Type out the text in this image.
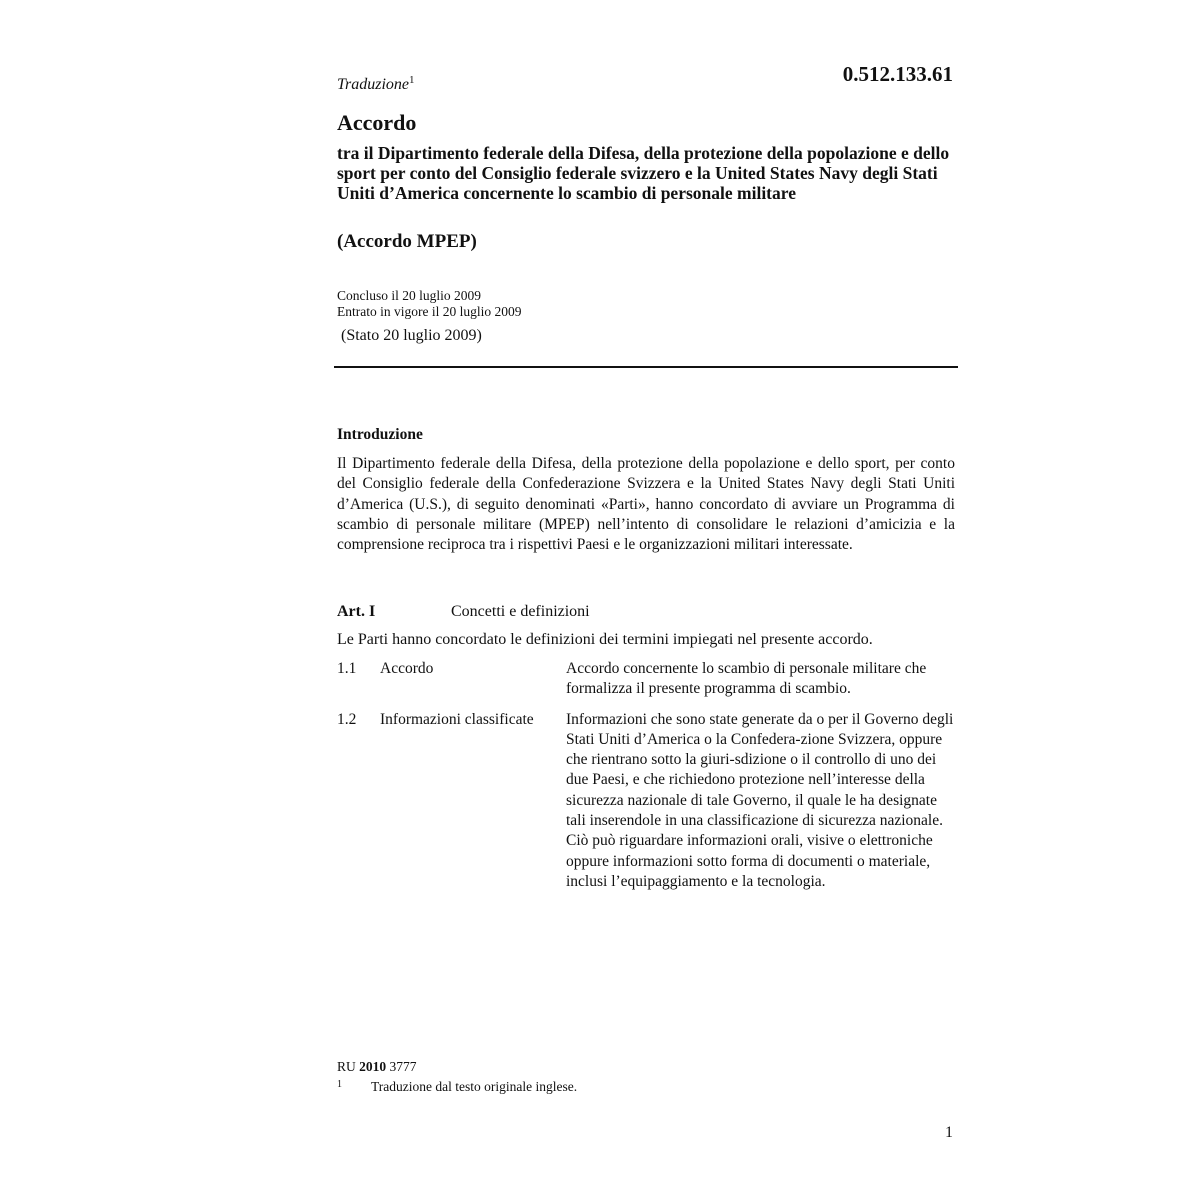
Traduzione$^1$	0.512.133.61

Accordo
tra il Dipartimento federale della Difesa, della protezione della popolazione e dello sport per conto del Consiglio federale svizzero e la United States Navy degli Stati Uniti d’America concernente lo scambio di personale militare
(Accordo MPEP)
Concluso il 20 luglio 2009
Entrato in vigore il 20 luglio 2009

(Stato 20 luglio 2009)

Introduzione

Il Dipartimento federale della Difesa, della protezione della popolazione e dello sport, per conto del Consiglio federale della Confederazione Svizzera e la United States Navy degli Stati Uniti d’America (U.S.), di seguito denominati «Parti», hanno concordato di avviare un Programma di scambio di personale militare (MPEP) nell’intento di consolidare le relazioni d’amicizia e la comprensione reciproca tra i rispettivi Paesi e le organizzazioni militari interessate.

Art. I	Concetti e definizioni

Le Parti hanno concordato le definizioni dei termini impiegati nel presente accordo.

1.1	Accordo	Accordo concernente lo scambio di personale militare che formalizza il presente programma di scambio.
1.2	Informazioni classificate	Informazioni che sono state generate da o per il Governo degli Stati Uniti d’America o la Confedera-zione Svizzera, oppure che rientrano sotto la giuri-sdizione o il controllo di uno dei due Paesi, e che richiedono protezione nell’interesse della sicurezza nazionale di tale Governo, il quale le ha designate tali inserendole in una classificazione di sicurezza nazionale. Ciò può riguardare informazioni orali, visive o elettroniche oppure informazioni sotto forma di documenti o materiale, inclusi l’equipaggiamento e la tecnologia.

RU 2010 3777

1 Traduzione dal testo originale inglese.

1
